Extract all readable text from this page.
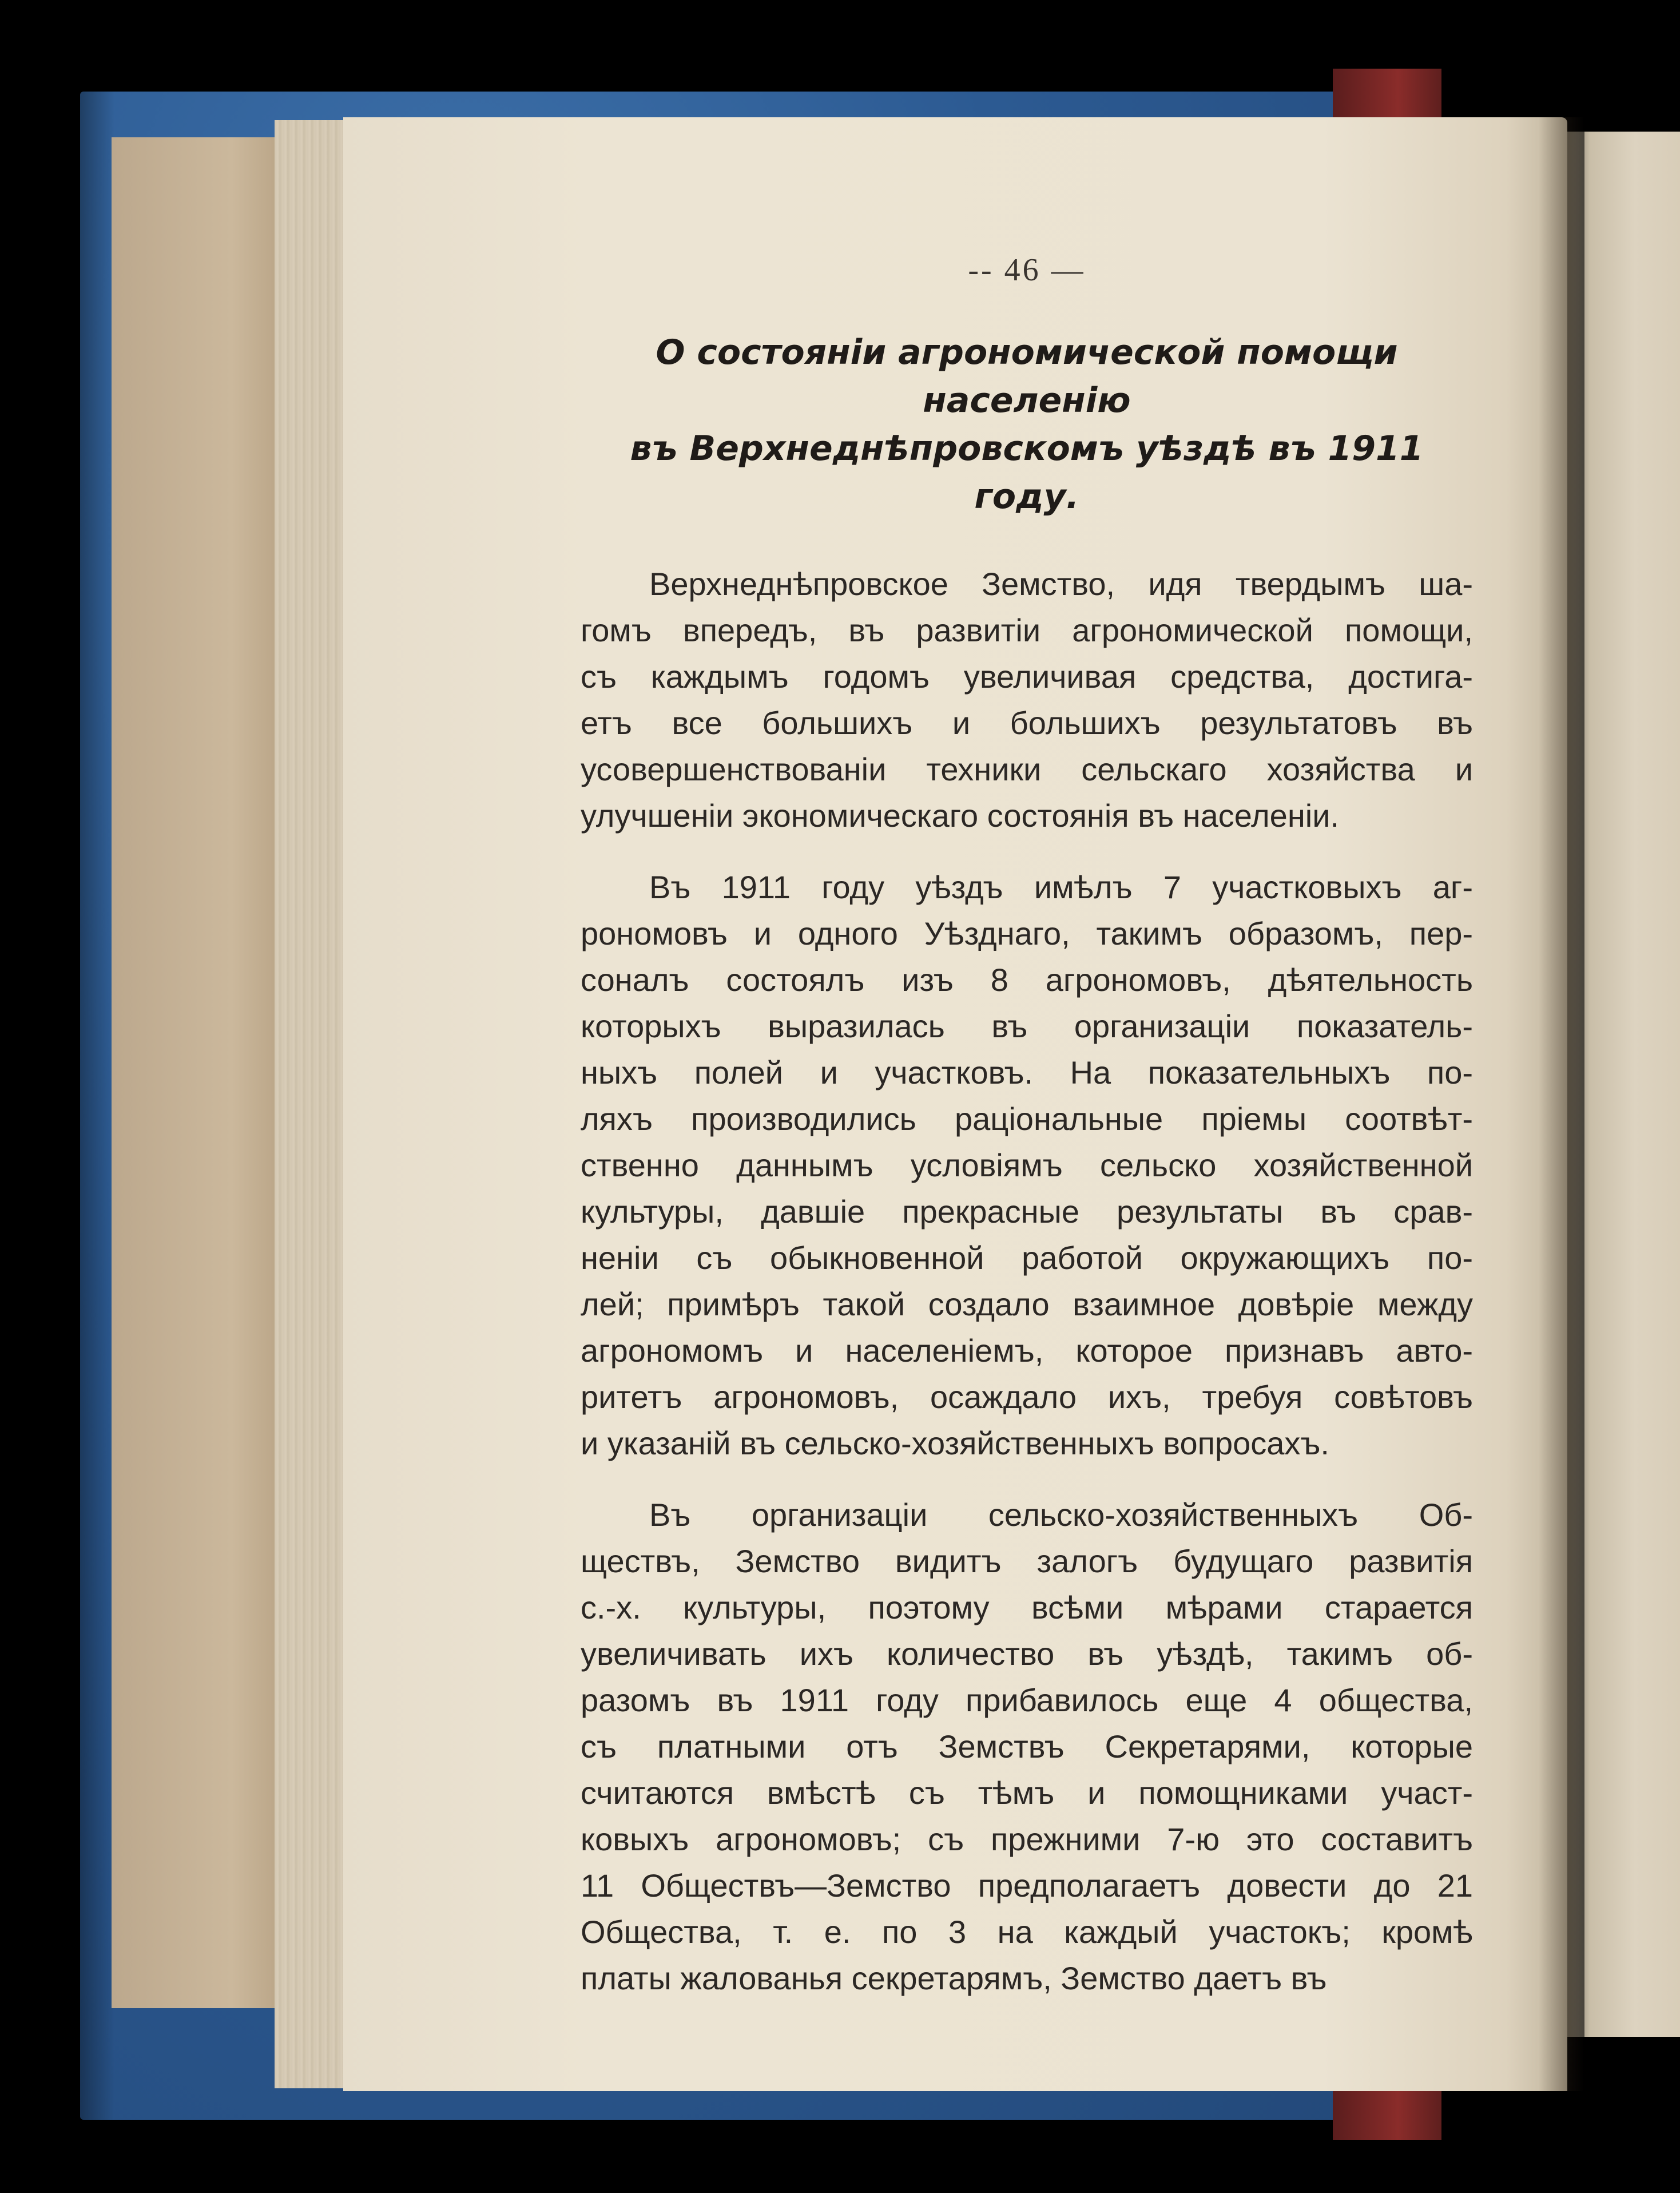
-- 46 —
О состоянiи агрономической помощи населенiю
въ Верхнеднѣпровскомъ уѣздѣ въ 1911 году.
Верхнеднѣпровское Земство, идя твердымъ ша-
гомъ впередъ, въ развитiи агрономической помощи,
съ каждымъ годомъ увеличивая средства, достига-
етъ все большихъ и большихъ результатовъ въ
усовершенствованiи техники сельскаго хозяйства и
улучшенiи экономическаго состоянiя въ населенiи.
Въ 1911 году уѣздъ имѣлъ 7 участковыхъ аг-
рономовъ и одного Уѣзднаго, такимъ образомъ, пер-
соналъ состоялъ изъ 8 агрономовъ, дѣятельность
которыхъ выразилась въ организацiи показатель-
ныхъ полей и участковъ. На показательныхъ по-
ляхъ производились рацiональные прiемы соотвѣт-
ственно даннымъ условiямъ сельско хозяйственной
культуры, давшiе прекрасные результаты въ срав-
ненiи съ обыкновенной работой окружающихъ по-
лей; примѣръ такой создало взаимное довѣрiе между
агрономомъ и населенiемъ, которое признавъ авто-
ритетъ агрономовъ, осаждало ихъ, требуя совѣтовъ
и указанiй въ сельско-хозяйственныхъ вопросахъ.
Въ организацiи сельско-хозяйственныхъ Об-
ществъ, Земство видитъ залогъ будущаго развитiя
с.-х. культуры, поэтому всѣми мѣрами старается
увеличивать ихъ количество въ уѣздѣ, такимъ об-
разомъ въ 1911 году прибавилось еще 4 общества,
съ платными отъ Земствъ Секретарями, которые
считаются вмѣстѣ съ тѣмъ и помощниками участ-
ковыхъ агрономовъ; съ прежними 7-ю это составитъ
11 Обществъ—Земство предполагаетъ довести до 21
Общества, т. е. по 3 на каждый участокъ; кромѣ
платы жалованья секретарямъ, Земство даетъ въ
